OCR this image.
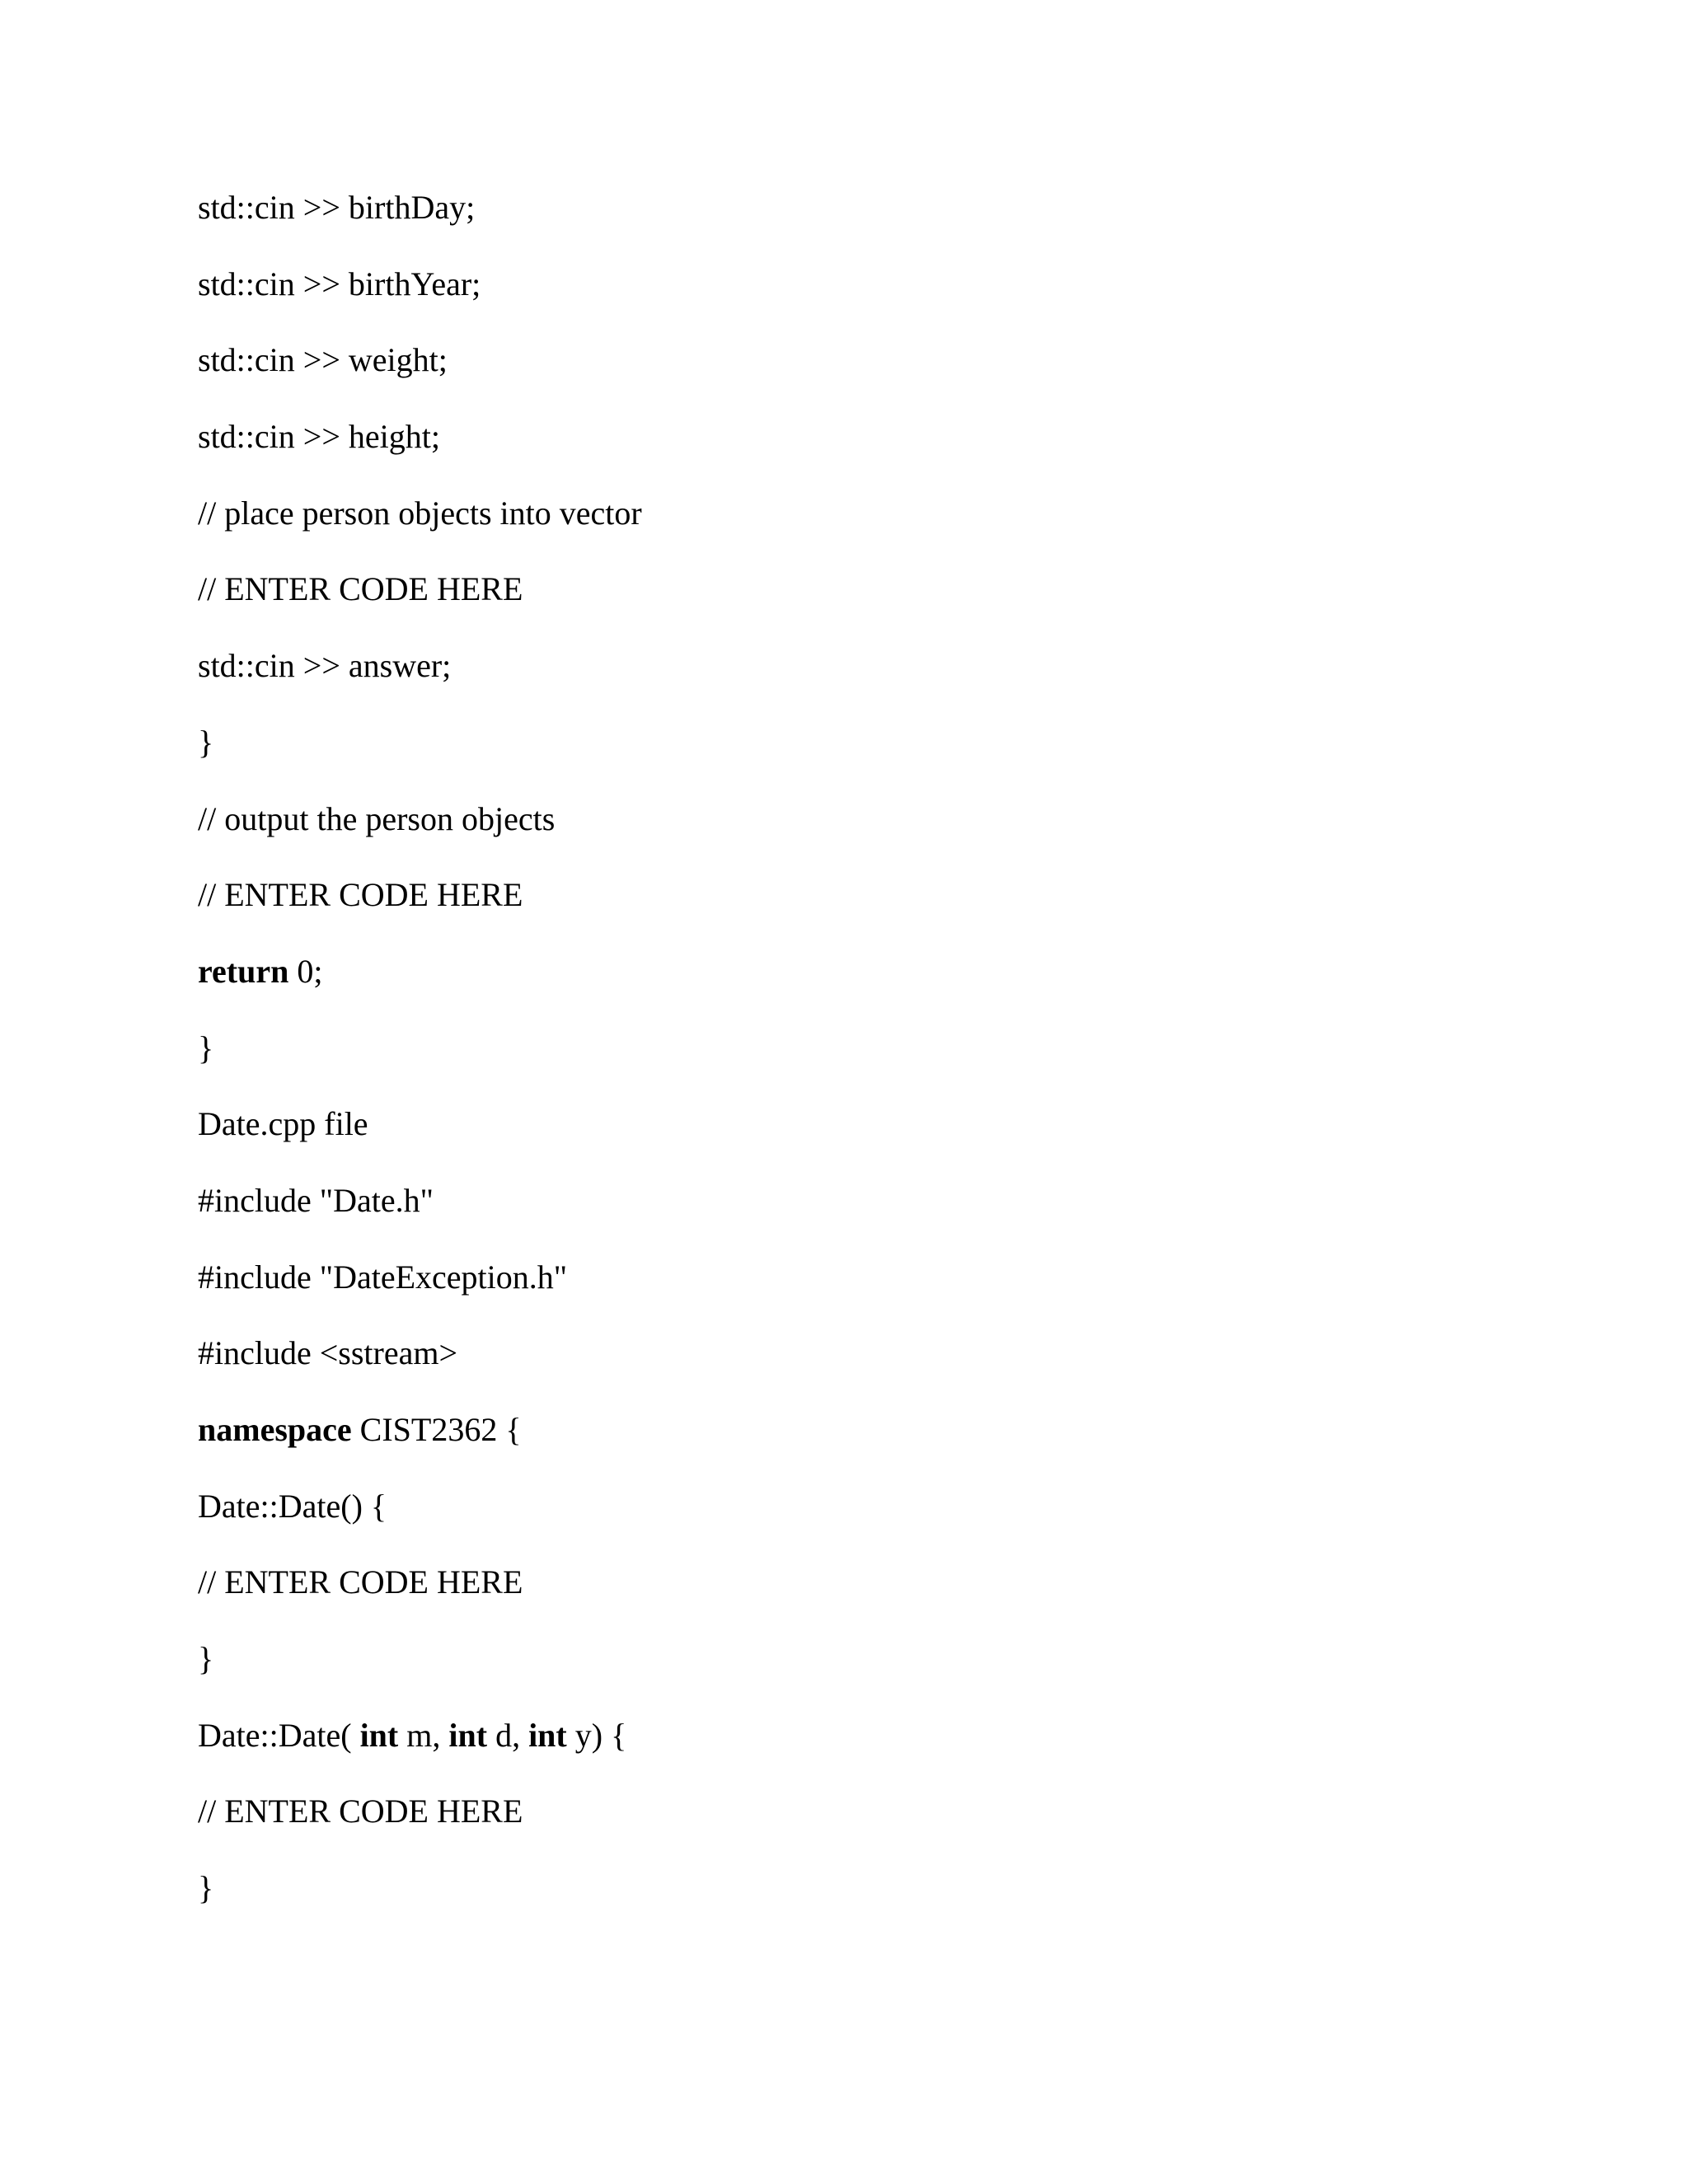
std::cin >> birthDay;
std::cin >> birthYear;
std::cin >> weight;
std::cin >> height;
// place person objects into vector
// ENTER CODE HERE
std::cin >> answer;
}
// output the person objects
// ENTER CODE HERE
return 0;
}
Date.cpp file
#include "Date.h"
#include "DateException.h"
#include <sstream>
namespace CIST2362 {
Date::Date() {
// ENTER CODE HERE
}
Date::Date( int m, int d, int y) {
// ENTER CODE HERE
}
